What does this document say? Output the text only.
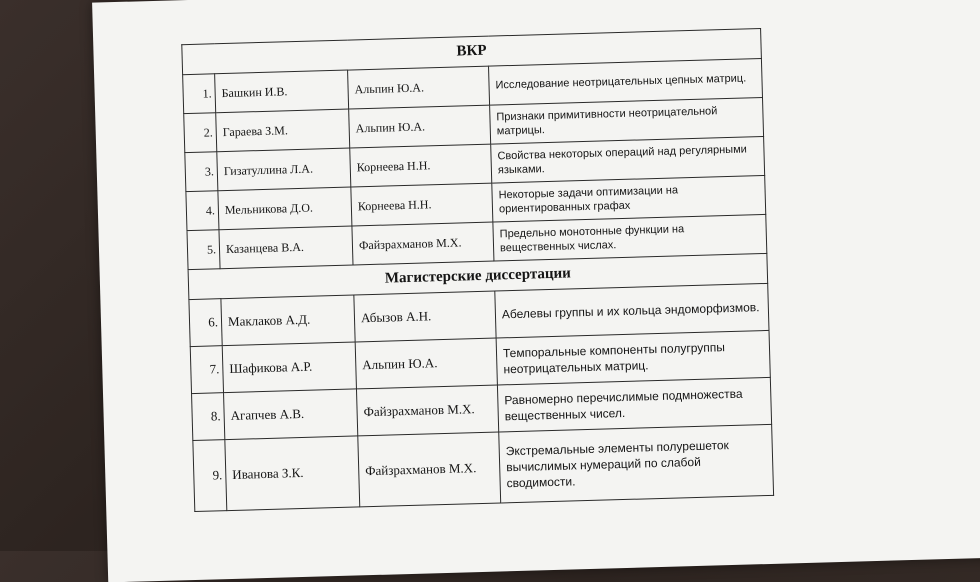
ВКР			
1.	Башкин И.В.	Альпин Ю.А.	Исследование неотрицательных цепных матриц.
2.	Гараева З.М.	Альпин Ю.А.	Признаки примитивности неотрицательной матрицы.
3.	Гизатуллина Л.А.	Корнеева Н.Н.	Свойства некоторых операций над регулярными языками.
4.	Мельникова Д.О.	Корнеева Н.Н.	Некоторые задачи оптимизации на ориентированных графах
5.	Казанцева В.А.	Файзрахманов М.Х.	Предельно монотонные функции на вещественных числах.
Магистерские диссертации			
6.	Маклаков А.Д.	Абызов А.Н.	Абелевы группы и их кольца эндоморфизмов.
7.	Шафикова А.Р.	Альпин Ю.А.	Темпоральные компоненты полугруппы неотрицательных матриц.
8.	Агапчев А.В.	Файзрахманов М.Х.	Равномерно перечислимые подмножества вещественных чисел.
9.	Иванова З.К.	Файзрахманов М.Х.	Экстремальные элементы полурешеток вычислимых нумераций по слабой сводимости.
